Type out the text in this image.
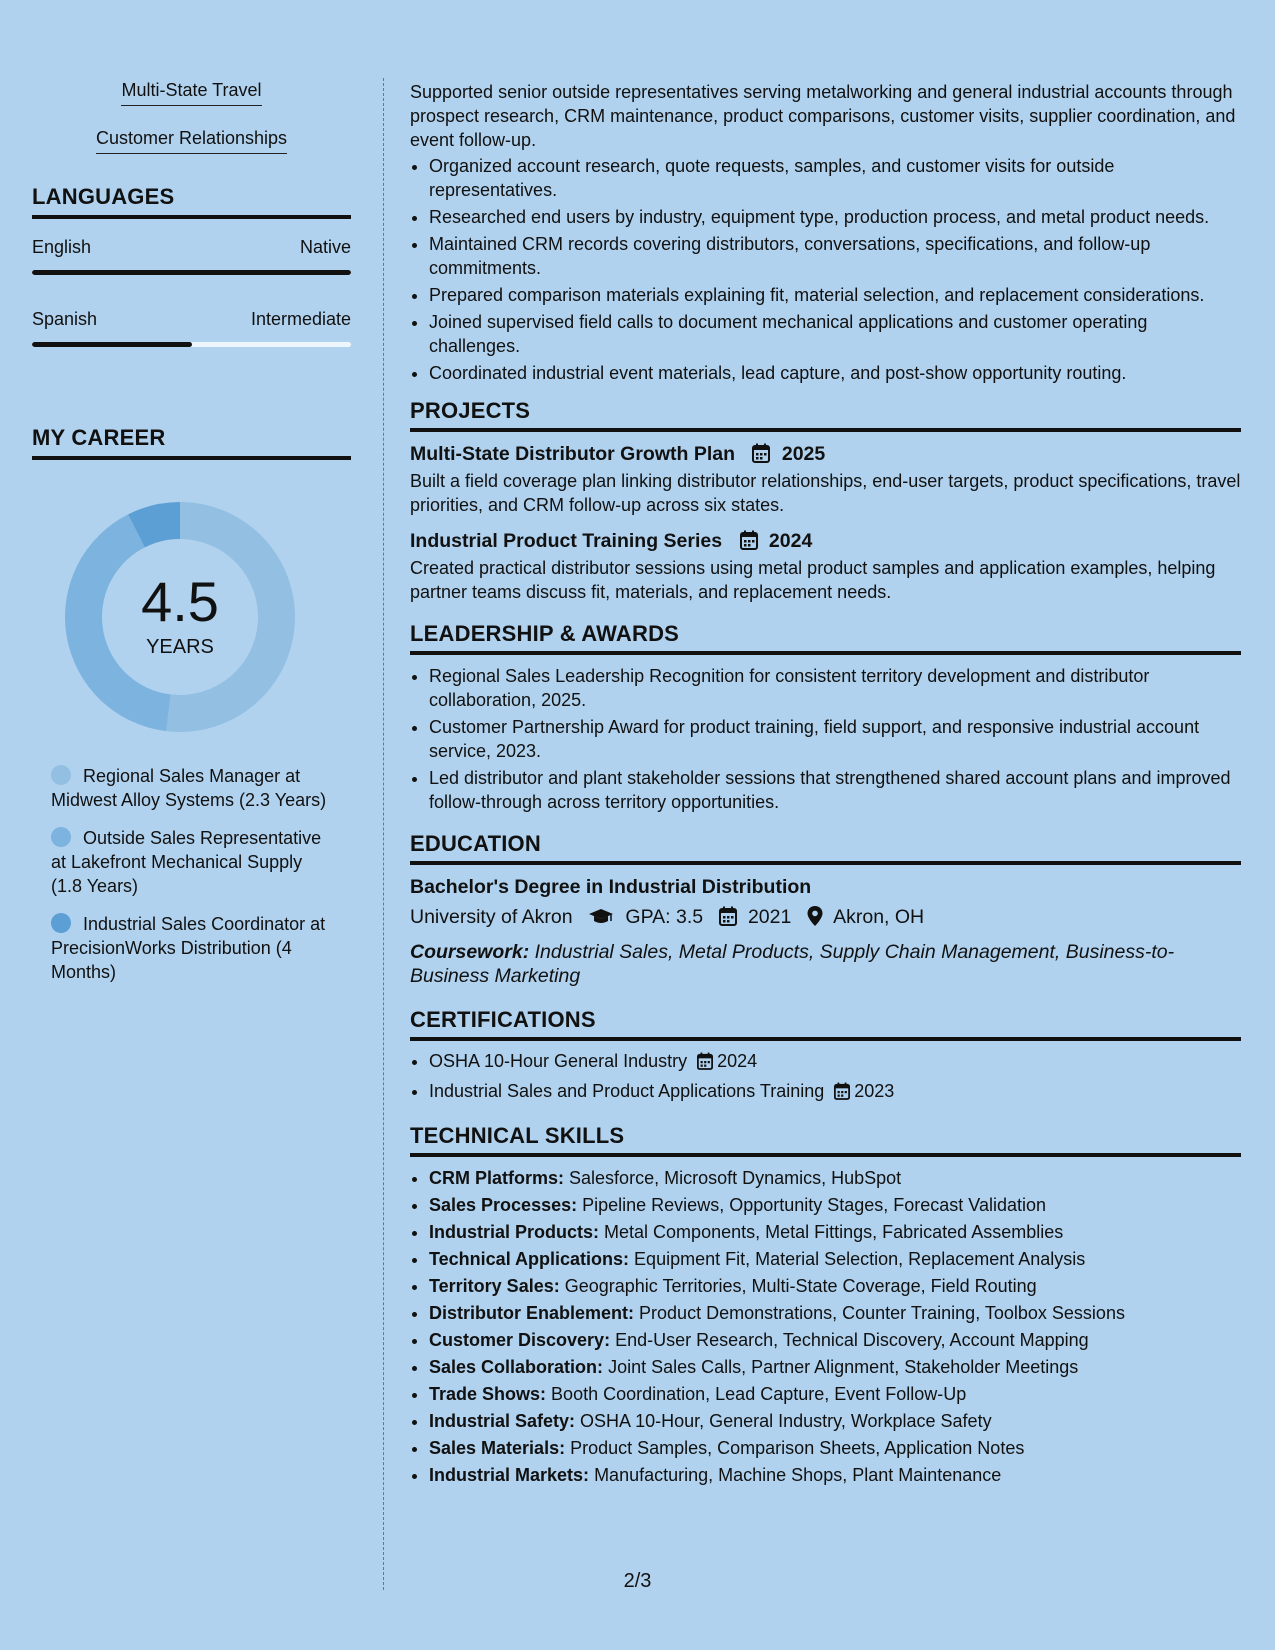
Multi-State Travel
Customer Relationships
LANGUAGES
English	Native
Spanish	Intermediate
MY CAREER
4.5
YEARS
Regional Sales Manager at Midwest Alloy Systems (2.3 Years)
Outside Sales Representative at Lakefront Mechanical Supply (1.8 Years)
Industrial Sales Coordinator at PrecisionWorks Distribution (4 Months)

Supported senior outside representatives serving metalworking and general industrial accounts through prospect research, CRM maintenance, product comparisons, customer visits, supplier coordination, and event follow-up.

• Organized account research, quote requests, samples, and customer visits for outside representatives.
• Researched end users by industry, equipment type, production process, and metal product needs.
• Maintained CRM records covering distributors, conversations, specifications, and follow-up commitments.
• Prepared comparison materials explaining fit, material selection, and replacement considerations.
• Joined supervised field calls to document mechanical applications and customer operating challenges.
• Coordinated industrial event materials, lead capture, and post-show opportunity routing.
PROJECTS
Multi-State Distributor Growth Plan 2025

Built a field coverage plan linking distributor relationships, end-user targets, product specifications, travel priorities, and CRM follow-up across six states.

Industrial Product Training Series 2024

Created practical distributor sessions using metal product samples and application examples, helping partner teams discuss fit, materials, and replacement needs.

LEADERSHIP & AWARDS
• Regional Sales Leadership Recognition for consistent territory development and distributor collaboration, 2025.
• Customer Partnership Award for product training, field support, and responsive industrial account service, 2023.
• Led distributor and plant stakeholder sessions that strengthened shared account plans and improved follow-through across territory opportunities.
EDUCATION
Bachelor's Degree in Industrial Distribution
University of Akron	GPA: 3.5 2021 Akron, OH
Coursework: Industrial Sales, Metal Products, Supply Chain Management, Business-to-Business Marketing
CERTIFICATIONS
• OSHA 10-Hour General Industry 2024
• Industrial Sales and Product Applications Training 2023
TECHNICAL SKILLS
• CRM Platforms: Salesforce, Microsoft Dynamics, HubSpot
• Sales Processes: Pipeline Reviews, Opportunity Stages, Forecast Validation
• Industrial Products: Metal Components, Metal Fittings, Fabricated Assemblies
• Technical Applications: Equipment Fit, Material Selection, Replacement Analysis
• Territory Sales: Geographic Territories, Multi-State Coverage, Field Routing
• Distributor Enablement: Product Demonstrations, Counter Training, Toolbox Sessions
• Customer Discovery: End-User Research, Technical Discovery, Account Mapping
• Sales Collaboration: Joint Sales Calls, Partner Alignment, Stakeholder Meetings
• Trade Shows: Booth Coordination, Lead Capture, Event Follow-Up
• Industrial Safety: OSHA 10-Hour, General Industry, Workplace Safety
• Sales Materials: Product Samples, Comparison Sheets, Application Notes
• Industrial Markets: Manufacturing, Machine Shops, Plant Maintenance
2/3
